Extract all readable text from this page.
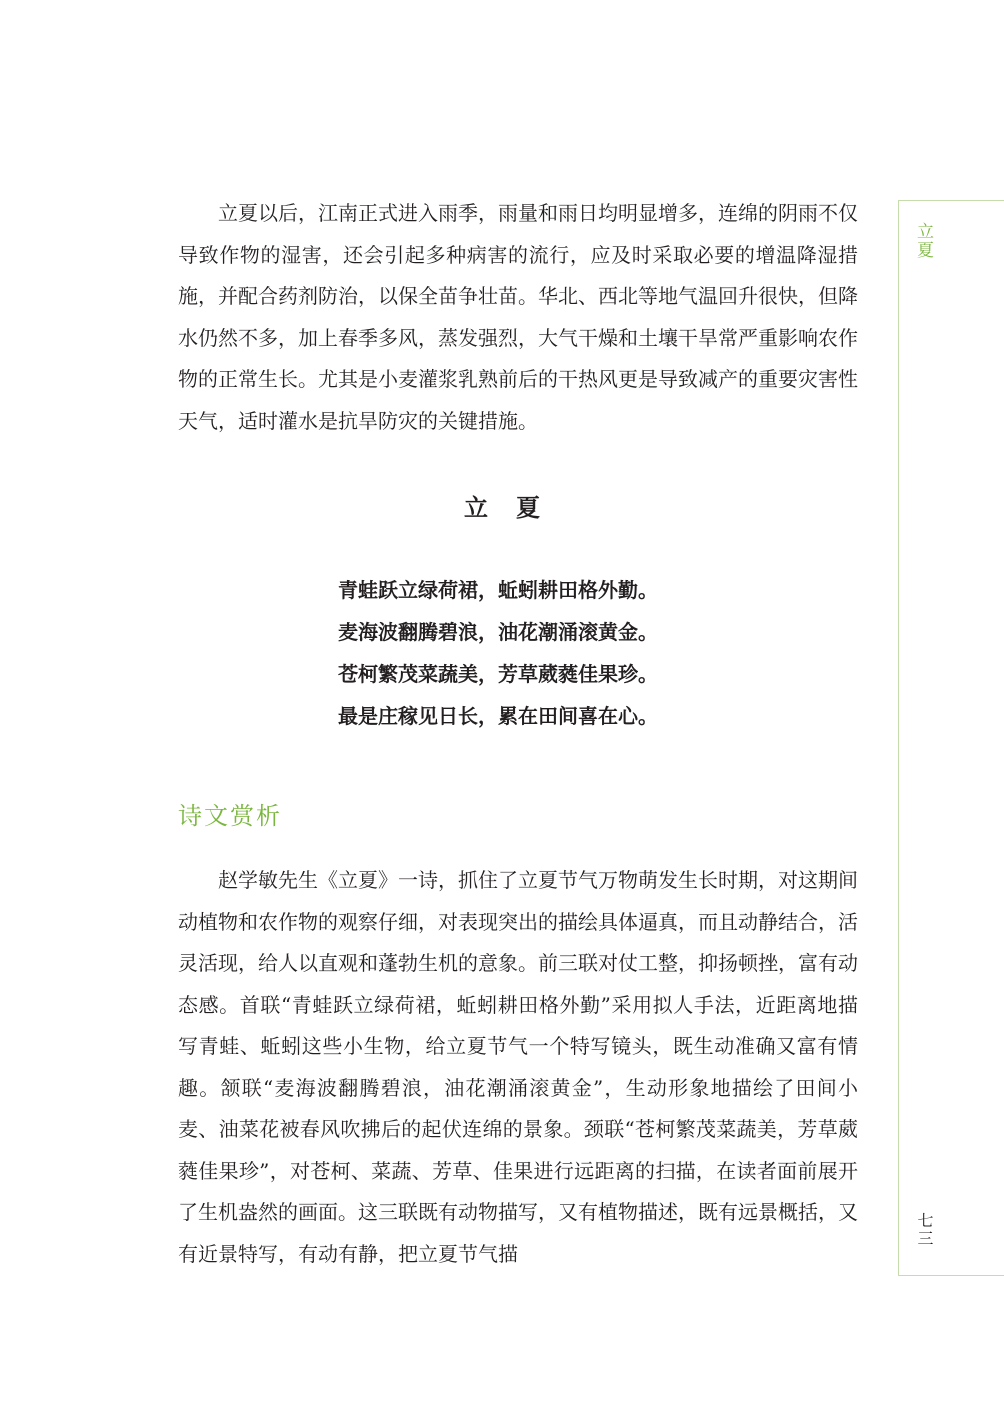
立夏

立夏以后，江南正式进入雨季，雨量和雨日均明显增多，连绵的阴雨不仅导致作物的湿害，还会引起多种病害的流行，应及时采取必要的增温降湿措施，并配合药剂防治，以保全苗争壮苗。华北、西北等地气温回升很快，但降水仍然不多，加上春季多风，蒸发强烈，大气干燥和土壤干旱常严重影响农作物的正常生长。尤其是小麦灌浆乳熟前后的干热风更是导致减产的重要灾害性天气，适时灌水是抗旱防灾的关键措施。

立夏
青蛙跃立绿荷裙，蚯蚓耕田格外勤。
麦海波翻腾碧浪，油花潮涌滚黄金。
苍柯繁茂菜蔬美，芳草葳蕤佳果珍。
最是庄稼见日长，累在田间喜在心。
诗文赏析

赵学敏先生《立夏》一诗，抓住了立夏节气万物萌发生长时期，对这期间动植物和农作物的观察仔细，对表现突出的描绘具体逼真，而且动静结合，活灵活现，给人以直观和蓬勃生机的意象。前三联对仗工整，抑扬顿挫，富有动态感。首联“青蛙跃立绿荷裙，蚯蚓耕田格外勤”采用拟人手法，近距离地描写青蛙、蚯蚓这些小生物，给立夏节气一个特写镜头，既生动准确又富有情趣。颔联“麦海波翻腾碧浪，油花潮涌滚黄金”，生动形象地描绘了田间小麦、油菜花被春风吹拂后的起伏连绵的景象。颈联“苍柯繁茂菜蔬美，芳草葳蕤佳果珍”，对苍柯、菜蔬、芳草、佳果进行远距离的扫描，在读者面前展开了生机盎然的画面。这三联既有动物描写，又有植物描述，既有远景概括，又有近景特写，有动有静，把立夏节气描

七三
